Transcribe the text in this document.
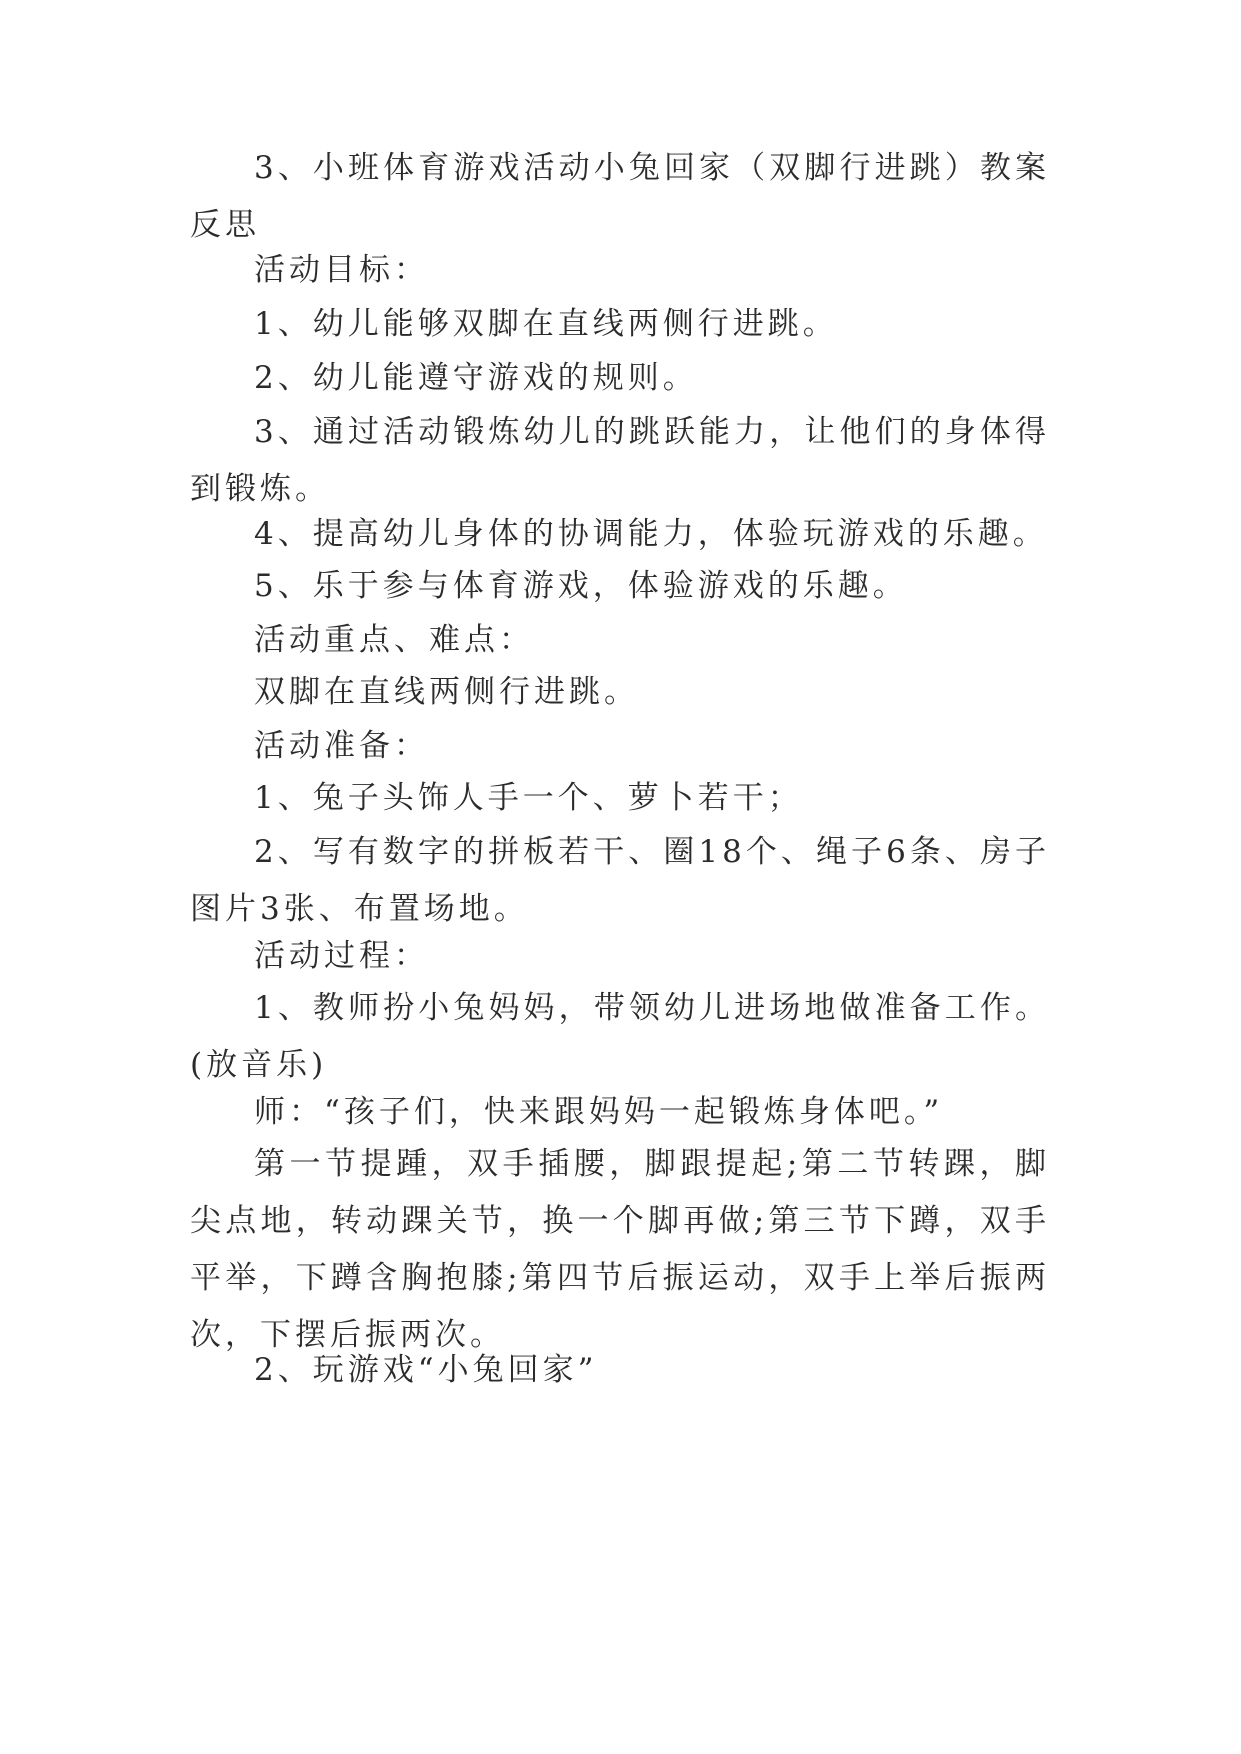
3、小班体育游戏活动小兔回家（双脚行进跳）教案反思

活动目标：

1、幼儿能够双脚在直线两侧行进跳。

2、幼儿能遵守游戏的规则。

3、通过活动锻炼幼儿的跳跃能力，让他们的身体得到锻炼。

4、提高幼儿身体的协调能力，体验玩游戏的乐趣。

5、乐于参与体育游戏，体验游戏的乐趣。

活动重点、难点：

双脚在直线两侧行进跳。

活动准备：

1、兔子头饰人手一个、萝卜若干；

2、写有数字的拼板若干、圈18个、绳子6条、房子图片3张、布置场地。

活动过程：

1、教师扮小兔妈妈，带领幼儿进场地做准备工作。(放音乐)

师：“孩子们，快来跟妈妈一起锻炼身体吧。”

第一节提踵，双手插腰，脚跟提起;第二节转踝，脚尖点地，转动踝关节，换一个脚再做;第三节下蹲，双手平举，下蹲含胸抱膝;第四节后振运动，双手上举后振两次，下摆后振两次。

2、玩游戏“小兔回家”
